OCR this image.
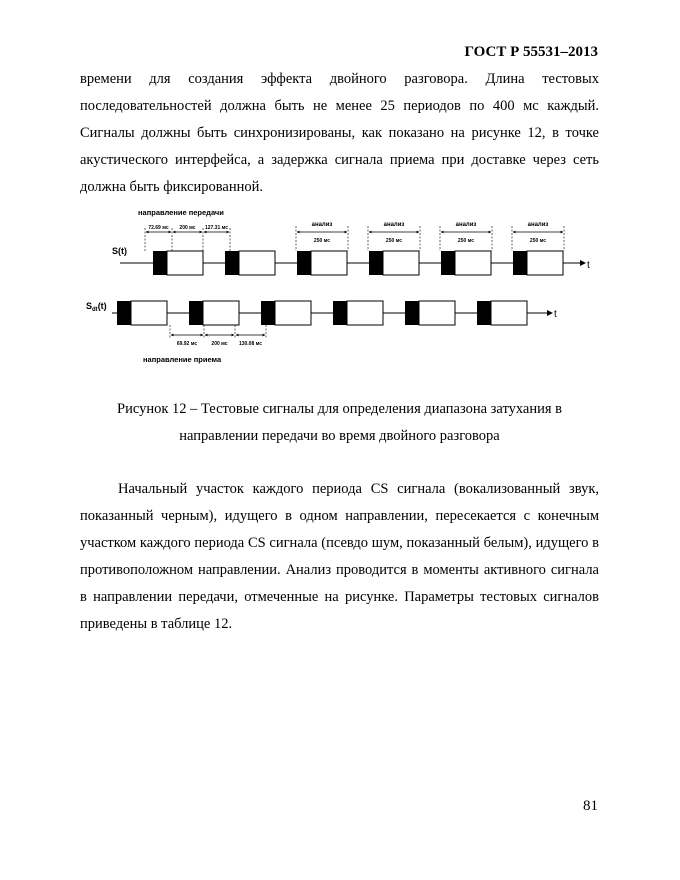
ГОСТ Р 55531–2013

времени для создания эффекта двойного разговора. Длина тестовых последовательностей должна быть не менее 25 периодов по 400 мс каждый. Сигналы должны быть синхронизированы, как показано на рисунке 12, в точке акустического интерфейса, а задержка сигнала приема при доставке через сеть должна быть фиксированной.

72.69 мс 200 мс 127.31 мс
69.92 мс	200 мс 130.08 мс
анализ
250 мс
анализ
250 мс
анализ
250 мс
анализ
250 мс
направление передачи
S(t)
t
$S_{dt}(t)$
t
направление приема

Рисунок 12 – Тестовые сигналы для определения диапазона затухания в
направлении передачи во время двойного разговора

Начальный участок каждого периода CS сигнала (вокализованный звук, показанный черным), идущего в одном направлении, пересекается с конечным участком каждого периода CS сигнала (псевдо шум, показанный белым), идущего в противоположном направлении. Анализ проводится в моменты активного сигнала в направлении передачи, отмеченные на рисунке. Параметры тестовых сигналов приведены в таблице 12.

81
